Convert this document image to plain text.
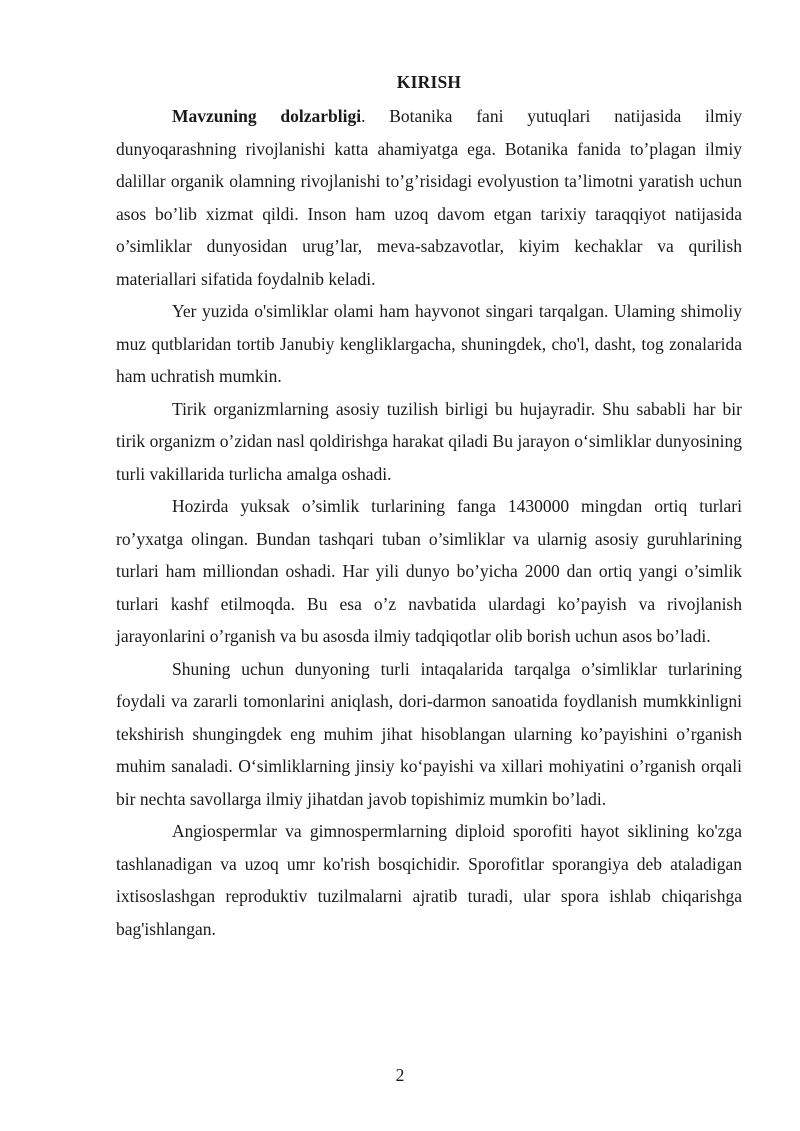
KIRISH

Mavzuning dolzarbligi. Botanika fani yutuqlari natijasida ilmiy dunyoqarashning rivojlanishi katta ahamiyatga ega. Botanika fanida to’plagan ilmiy dalillar organik olamning rivojlanishi to’g’risidagi evolyustion ta’limotni yaratish uchun asos bo’lib xizmat qildi. Inson ham uzoq davom etgan tarixiy taraqqiyot natijasida o’simliklar dunyosidan urug’lar, meva-sabzavotlar, kiyim kechaklar va qurilish materiallari sifatida foydalnib keladi.

Yer yuzida o'simliklar olami ham hayvonot singari tarqalgan. Ulaming shimoliy muz qutblaridan tortib Janubiy kengliklargacha, shuningdek, cho'l, dasht, tog zonalarida ham uchratish mumkin.

Tirik organizmlarning asosiy tuzilish birligi bu hujayradir. Shu sababli har bir tirik organizm o’zidan nasl qoldirishga harakat qiladi Bu jarayon o‘simliklar dunyosining turli vakillarida turlicha amalga oshadi.

Hozirda yuksak o’simlik turlarining fanga 1430000 mingdan ortiq turlari ro’yxatga olingan. Bundan tashqari tuban o’simliklar va ularnig asosiy guruhlarining turlari ham milliondan oshadi. Har yili dunyo bo’yicha 2000 dan ortiq yangi o’simlik turlari kashf etilmoqda. Bu esa o’z navbatida ulardagi ko’payish va rivojlanish jarayonlarini o’rganish va bu asosda ilmiy tadqiqotlar olib borish uchun asos bo’ladi.

Shuning uchun dunyoning turli intaqalarida tarqalga o’simliklar turlarining foydali va zararli tomonlarini aniqlash, dori-darmon sanoatida foydlanish mumkkinligni tekshirish shungingdek eng muhim jihat hisoblangan ularning ko’payishini o’rganish muhim sanaladi. O‘simliklarning jinsiy ko‘payishi va xillari mohiyatini o’rganish orqali bir nechta savollarga ilmiy jihatdan javob topishimiz mumkin bo’ladi.

Angiospermlar va gimnospermlarning diploid sporofiti hayot siklining ko'zga tashlanadigan va uzoq umr ko'rish bosqichidir. Sporofitlar sporangiya deb ataladigan ixtisoslashgan reproduktiv tuzilmalarni ajratib turadi, ular spora ishlab chiqarishga bag'ishlangan.

2
